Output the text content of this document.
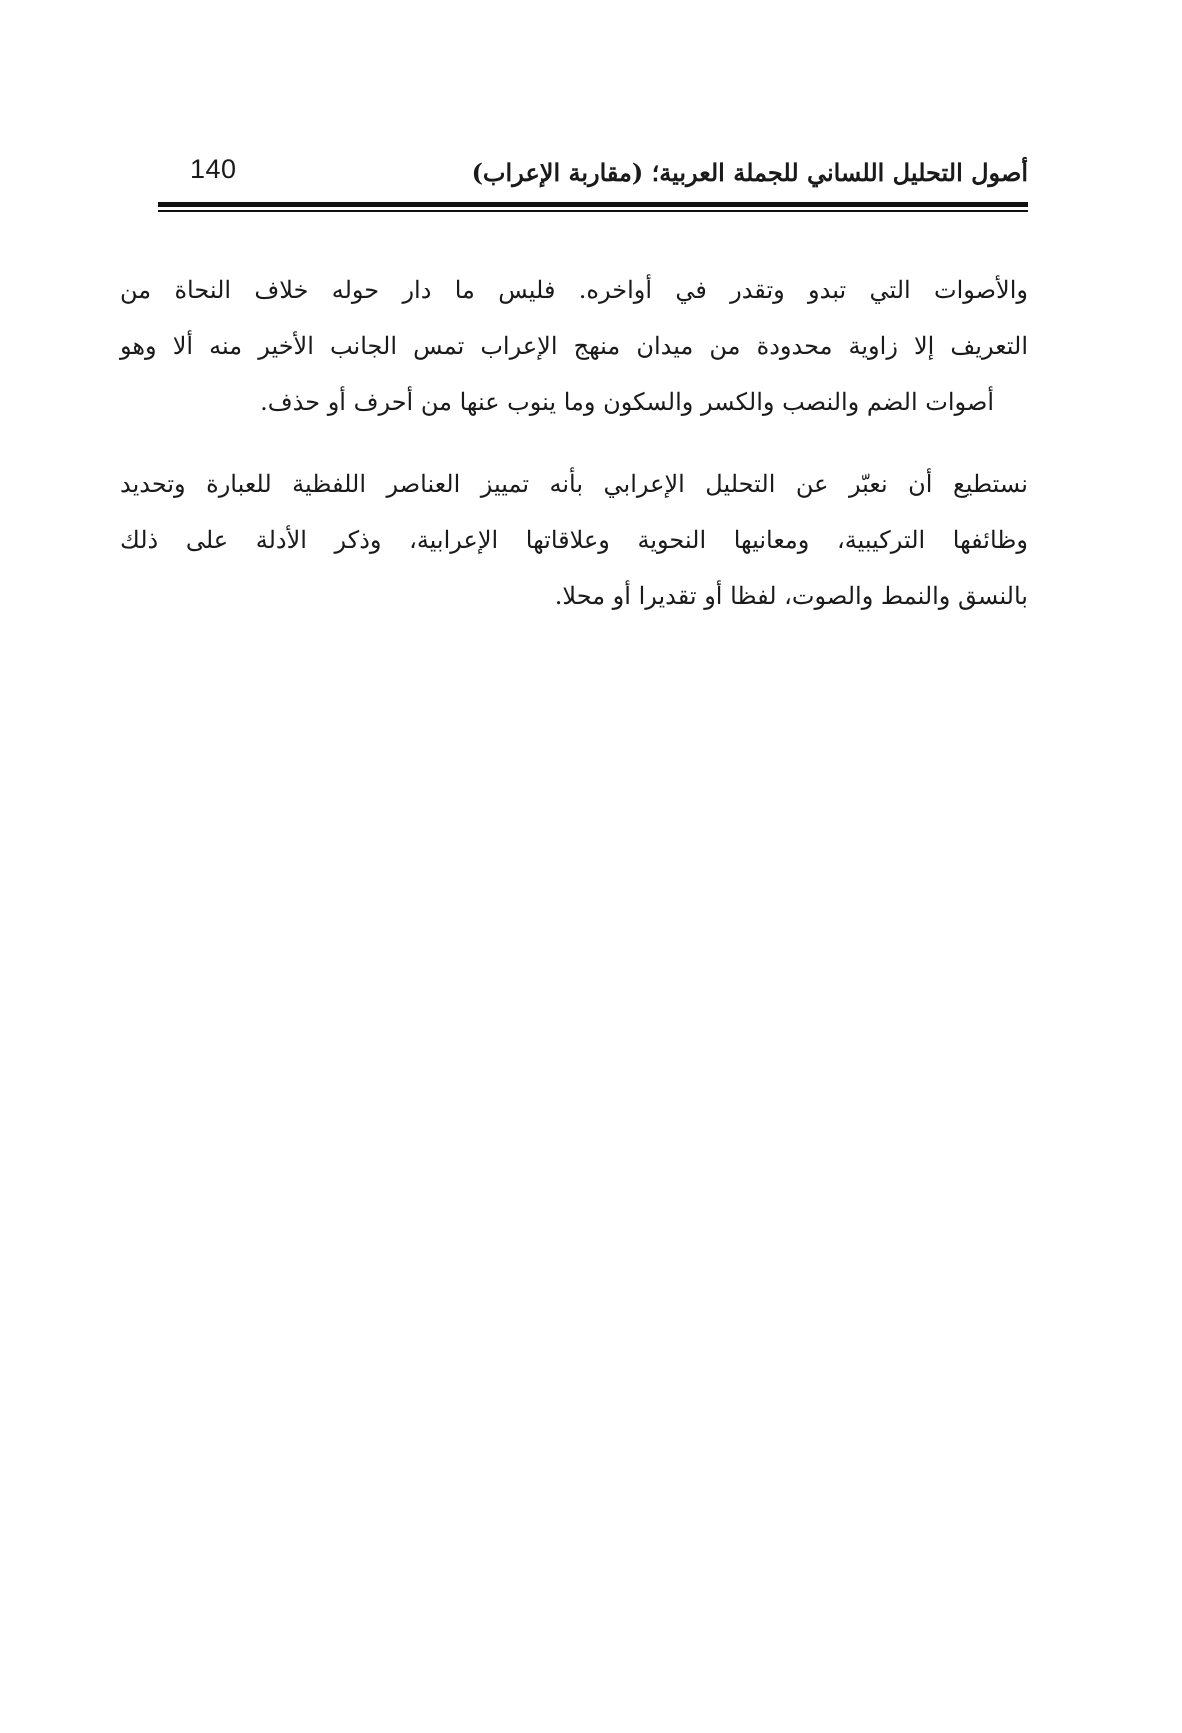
أصول التحليل اللساني للجملة العربية؛ (مقاربة الإعراب)
140
والأصوات التي تبدو وتقدر في أواخره. فليس ما دار حوله خلاف النحاة من
التعريف إلا زاوية محدودة من ميدان منهج الإعراب تمس الجانب الأخير منه ألا وهو
أصوات الضم والنصب والكسر والسكون وما ينوب عنها من أحرف أو حذف.
نستطيع أن نعبّر عن التحليل الإعرابي بأنه تمييز العناصر اللفظية للعبارة وتحديد
وظائفها التركيبية، ومعانيها النحوية وعلاقاتها الإعرابية، وذكر الأدلة على ذلك
بالنسق والنمط والصوت، لفظا أو تقديرا أو محلا.
